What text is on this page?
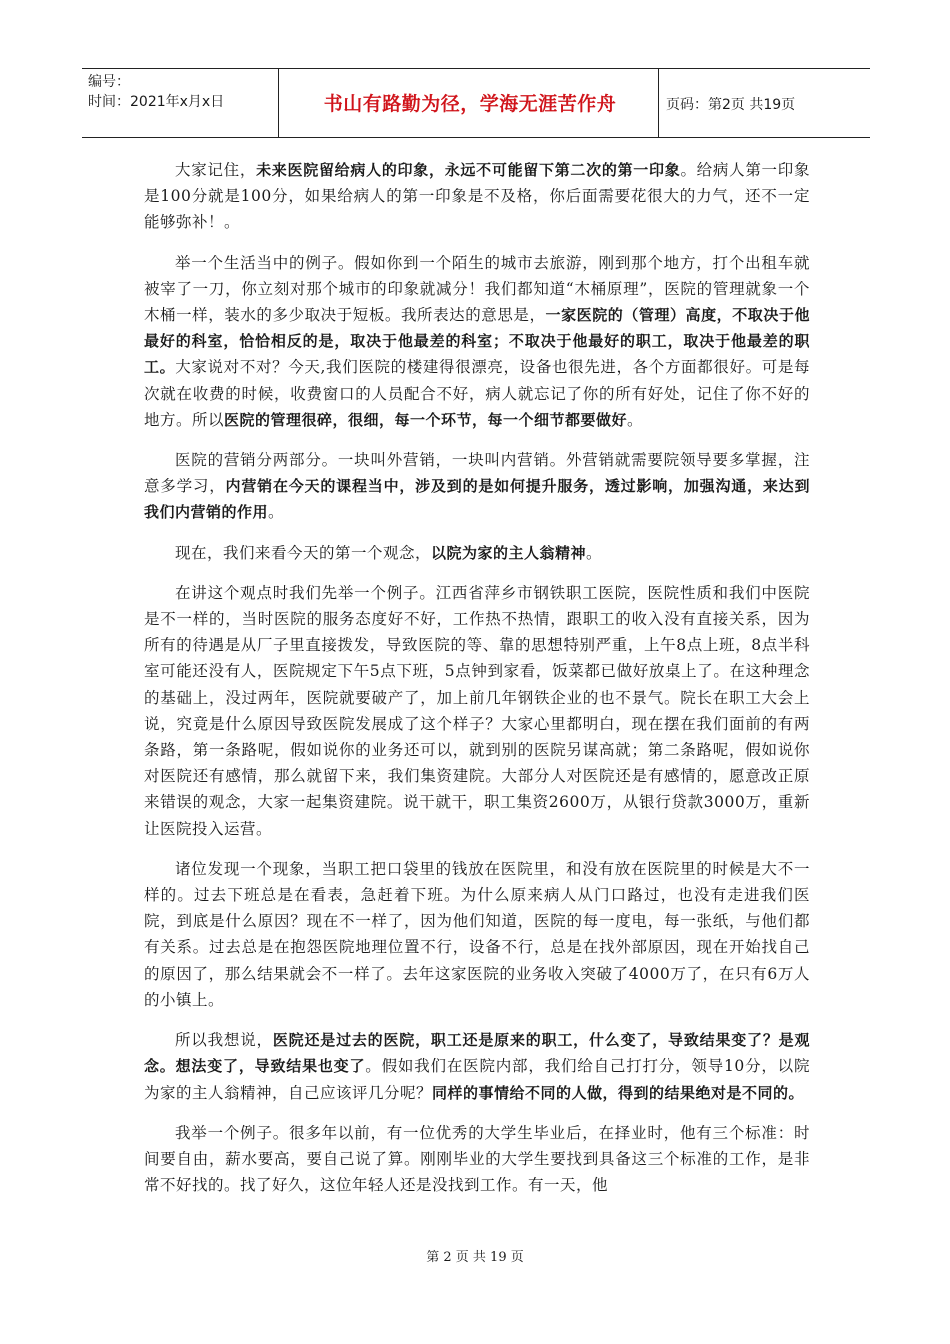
编号：
时间：2021年x月x日	书山有路勤为径，学海无涯苦作舟	页码：第2页 共19页

大家记住，未来医院留给病人的印象，永远不可能留下第二次的第一印象。给病人第一印象是100分就是100分，如果给病人的第一印象是不及格，你后面需要花很大的力气，还不一定能够弥补！。

举一个生活当中的例子。假如你到一个陌生的城市去旅游，刚到那个地方，打个出租车就被宰了一刀，你立刻对那个城市的印象就减分！我们都知道“木桶原理”，医院的管理就象一个木桶一样，装水的多少取决于短板。我所表达的意思是，一家医院的（管理）高度，不取决于他最好的科室，恰恰相反的是，取决于他最差的科室；不取决于他最好的职工，取决于他最差的职工。大家说对不对？今天,我们医院的楼建得很漂亮，设备也很先进，各个方面都很好。可是每次就在收费的时候，收费窗口的人员配合不好，病人就忘记了你的所有好处，记住了你不好的地方。所以医院的管理很碎，很细，每一个环节，每一个细节都要做好。

医院的营销分两部分。一块叫外营销，一块叫内营销。外营销就需要院领导要多掌握，注意多学习，内营销在今天的课程当中，涉及到的是如何提升服务，透过影响，加强沟通，来达到我们内营销的作用。

现在，我们来看今天的第一个观念，以院为家的主人翁精神。

在讲这个观点时我们先举一个例子。江西省萍乡市钢铁职工医院，医院性质和我们中医院是不一样的，当时医院的服务态度好不好，工作热不热情，跟职工的收入没有直接关系，因为所有的待遇是从厂子里直接拨发，导致医院的等、靠的思想特别严重，上午8点上班，8点半科室可能还没有人，医院规定下午5点下班，5点钟到家看，饭菜都已做好放桌上了。在这种理念的基础上，没过两年，医院就要破产了，加上前几年钢铁企业的也不景气。院长在职工大会上说，究竟是什么原因导致医院发展成了这个样子？大家心里都明白，现在摆在我们面前的有两条路，第一条路呢，假如说你的业务还可以，就到别的医院另谋高就；第二条路呢，假如说你对医院还有感情，那么就留下来，我们集资建院。大部分人对医院还是有感情的，愿意改正原来错误的观念，大家一起集资建院。说干就干，职工集资2600万，从银行贷款3000万，重新让医院投入运营。

诸位发现一个现象，当职工把口袋里的钱放在医院里，和没有放在医院里的时候是大不一样的。过去下班总是在看表，急赶着下班。为什么原来病人从门口路过，也没有走进我们医院，到底是什么原因？现在不一样了，因为他们知道，医院的每一度电，每一张纸，与他们都有关系。过去总是在抱怨医院地理位置不行，设备不行，总是在找外部原因，现在开始找自己的原因了，那么结果就会不一样了。去年这家医院的业务收入突破了4000万了，在只有6万人的小镇上。

所以我想说，医院还是过去的医院，职工还是原来的职工，什么变了，导致结果变了？是观念。想法变了，导致结果也变了。假如我们在医院内部，我们给自己打打分，领导10分，以院为家的主人翁精神，自己应该评几分呢？同样的事情给不同的人做，得到的结果绝对是不同的。

我举一个例子。很多年以前，有一位优秀的大学生毕业后，在择业时，他有三个标准：时间要自由，薪水要高，要自己说了算。刚刚毕业的大学生要找到具备这三个标准的工作，是非常不好找的。找了好久，这位年轻人还是没找到工作。有一天，他

第 2 页 共 19 页
